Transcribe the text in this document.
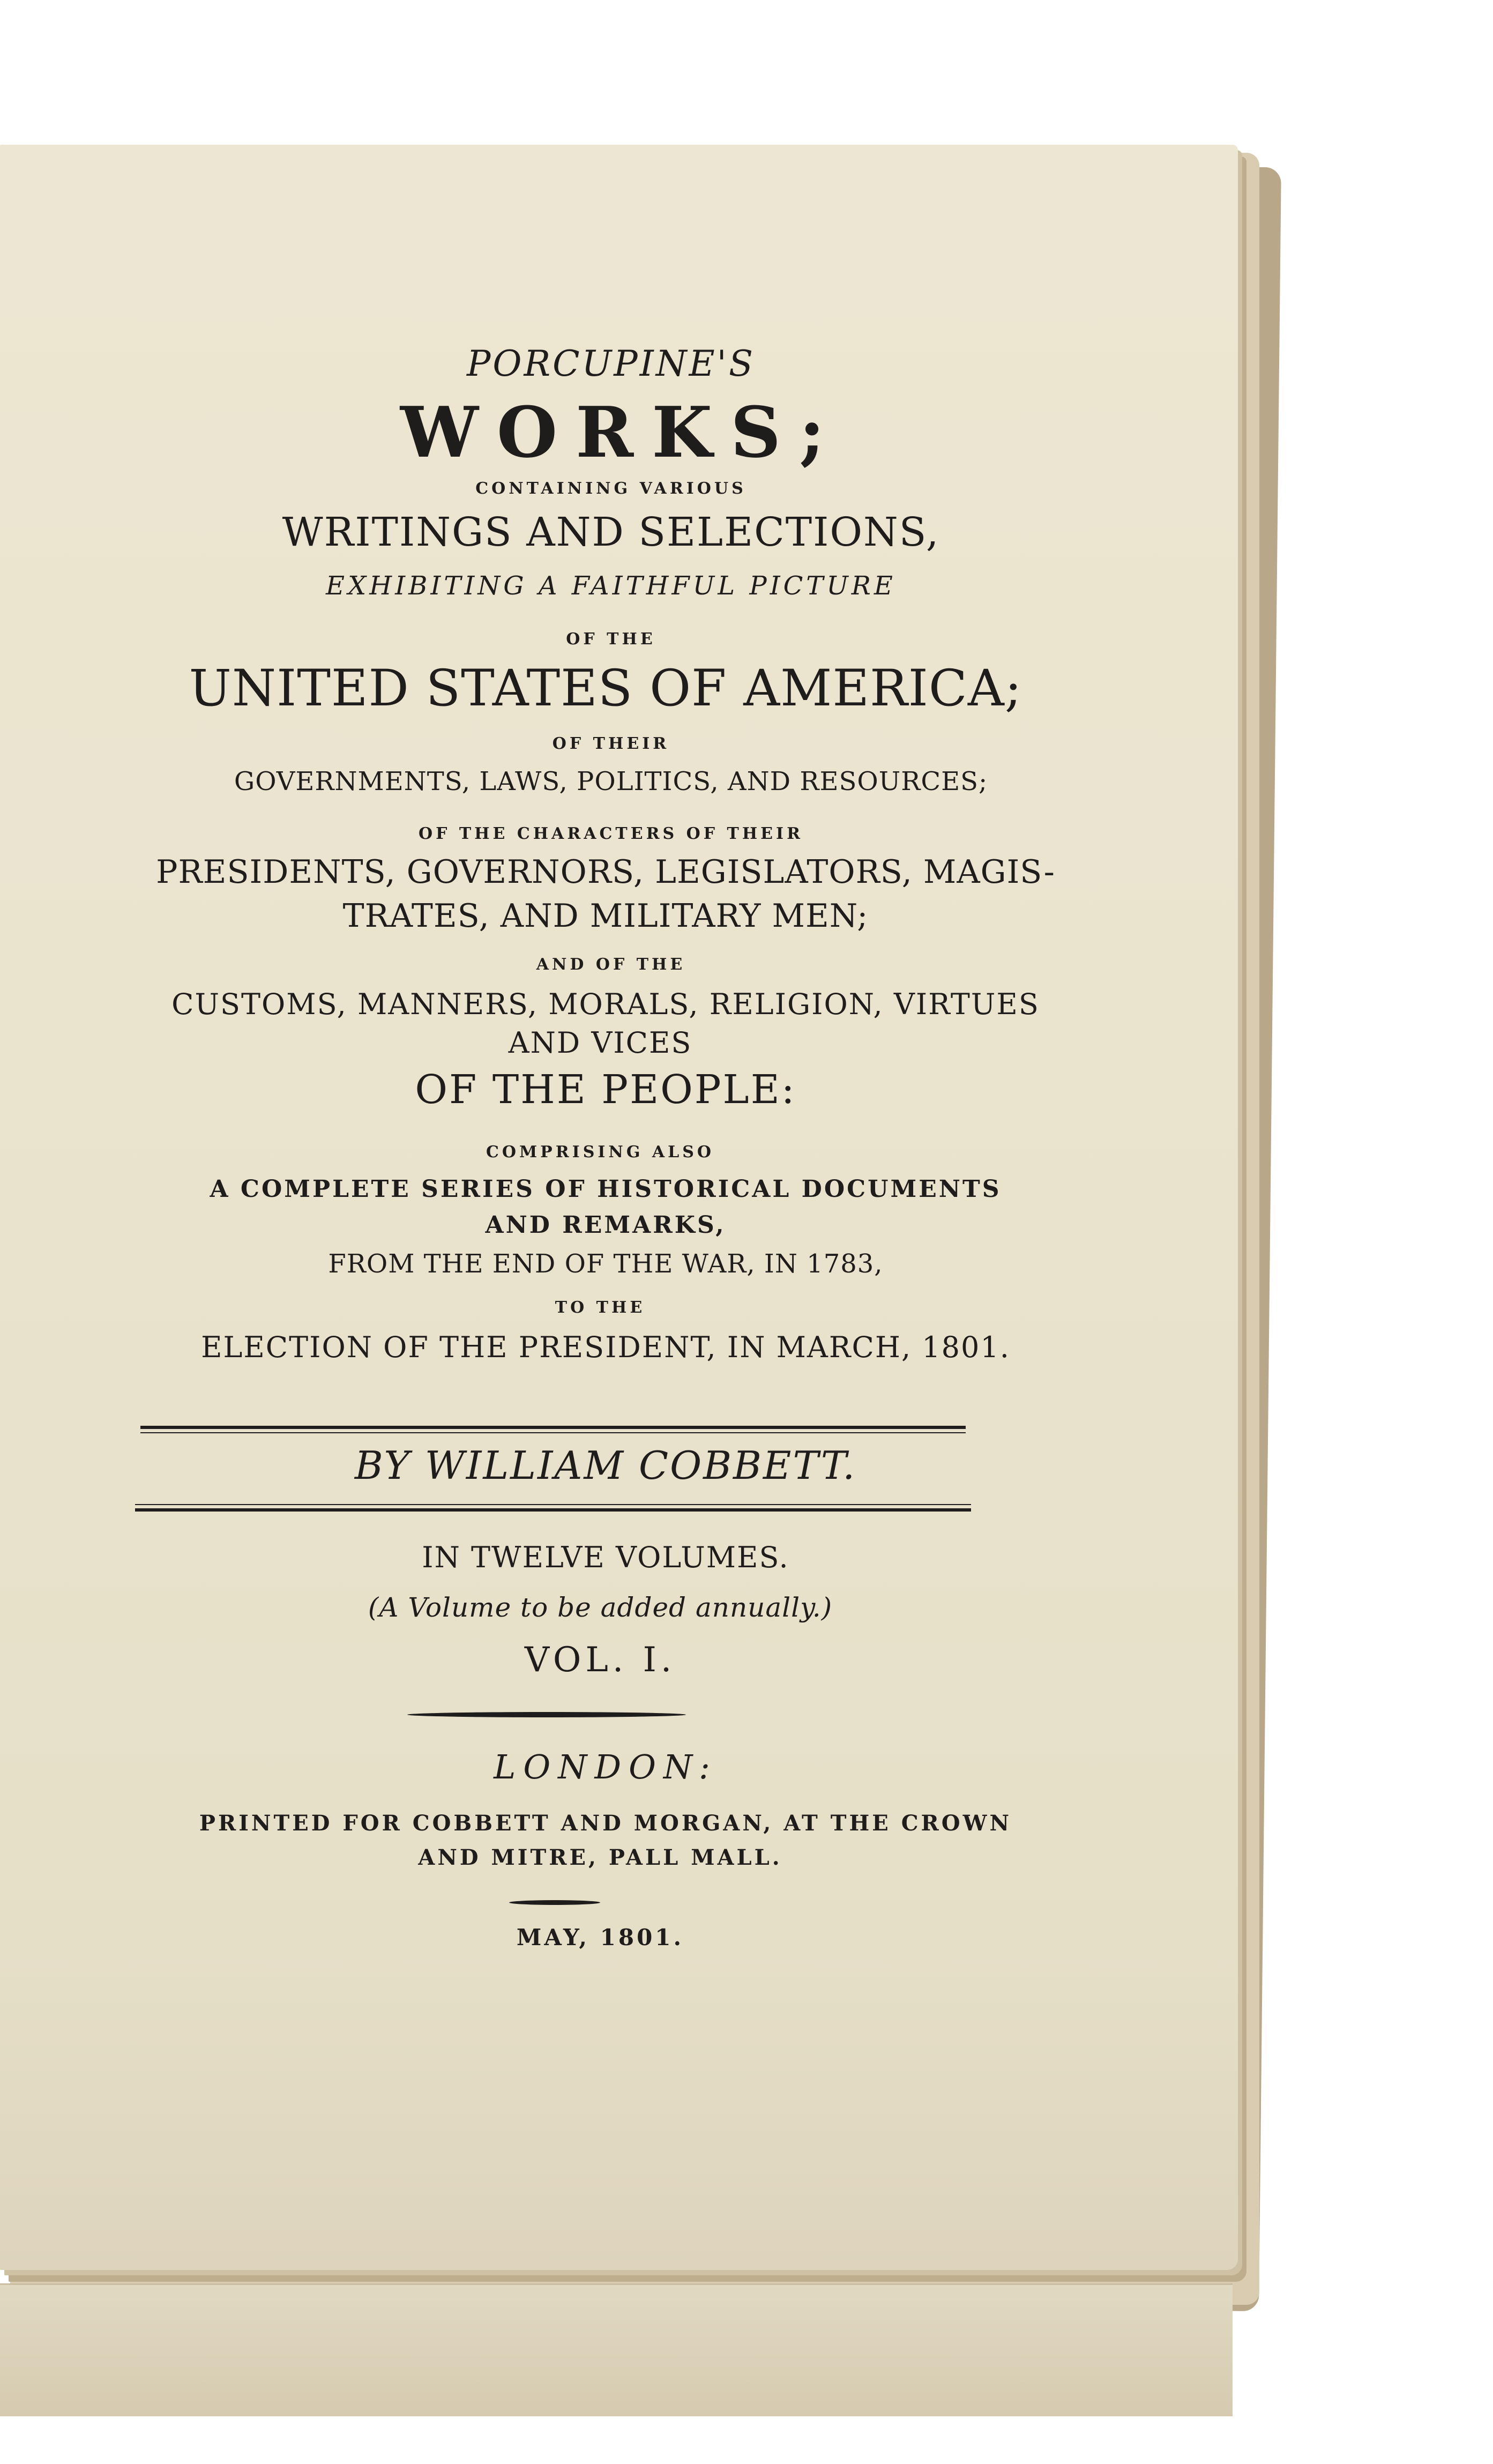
PORCUPINE'S
WORKS;
CONTAINING VARIOUS
WRITINGS AND SELECTIONS,
EXHIBITING A FAITHFUL PICTURE
OF THE
UNITED STATES OF AMERICA;
OF THEIR
GOVERNMENTS, LAWS, POLITICS, AND RESOURCES;
OF THE CHARACTERS OF THEIR
PRESIDENTS, GOVERNORS, LEGISLATORS, MAGIS-
TRATES, AND MILITARY MEN;
AND OF THE
CUSTOMS, MANNERS, MORALS, RELIGION, VIRTUES
AND VICES
OF THE PEOPLE:
COMPRISING ALSO
A COMPLETE SERIES OF HISTORICAL DOCUMENTS
AND REMARKS,
FROM THE END OF THE WAR, IN 1783,
TO THE
ELECTION OF THE PRESIDENT, IN MARCH, 1801.
BY WILLIAM COBBETT.
IN TWELVE VOLUMES.
(A Volume to be added annually.)
VOL. I.
LONDON:
PRINTED FOR COBBETT AND MORGAN, AT THE CROWN
AND MITRE, PALL MALL.
MAY, 1801.
